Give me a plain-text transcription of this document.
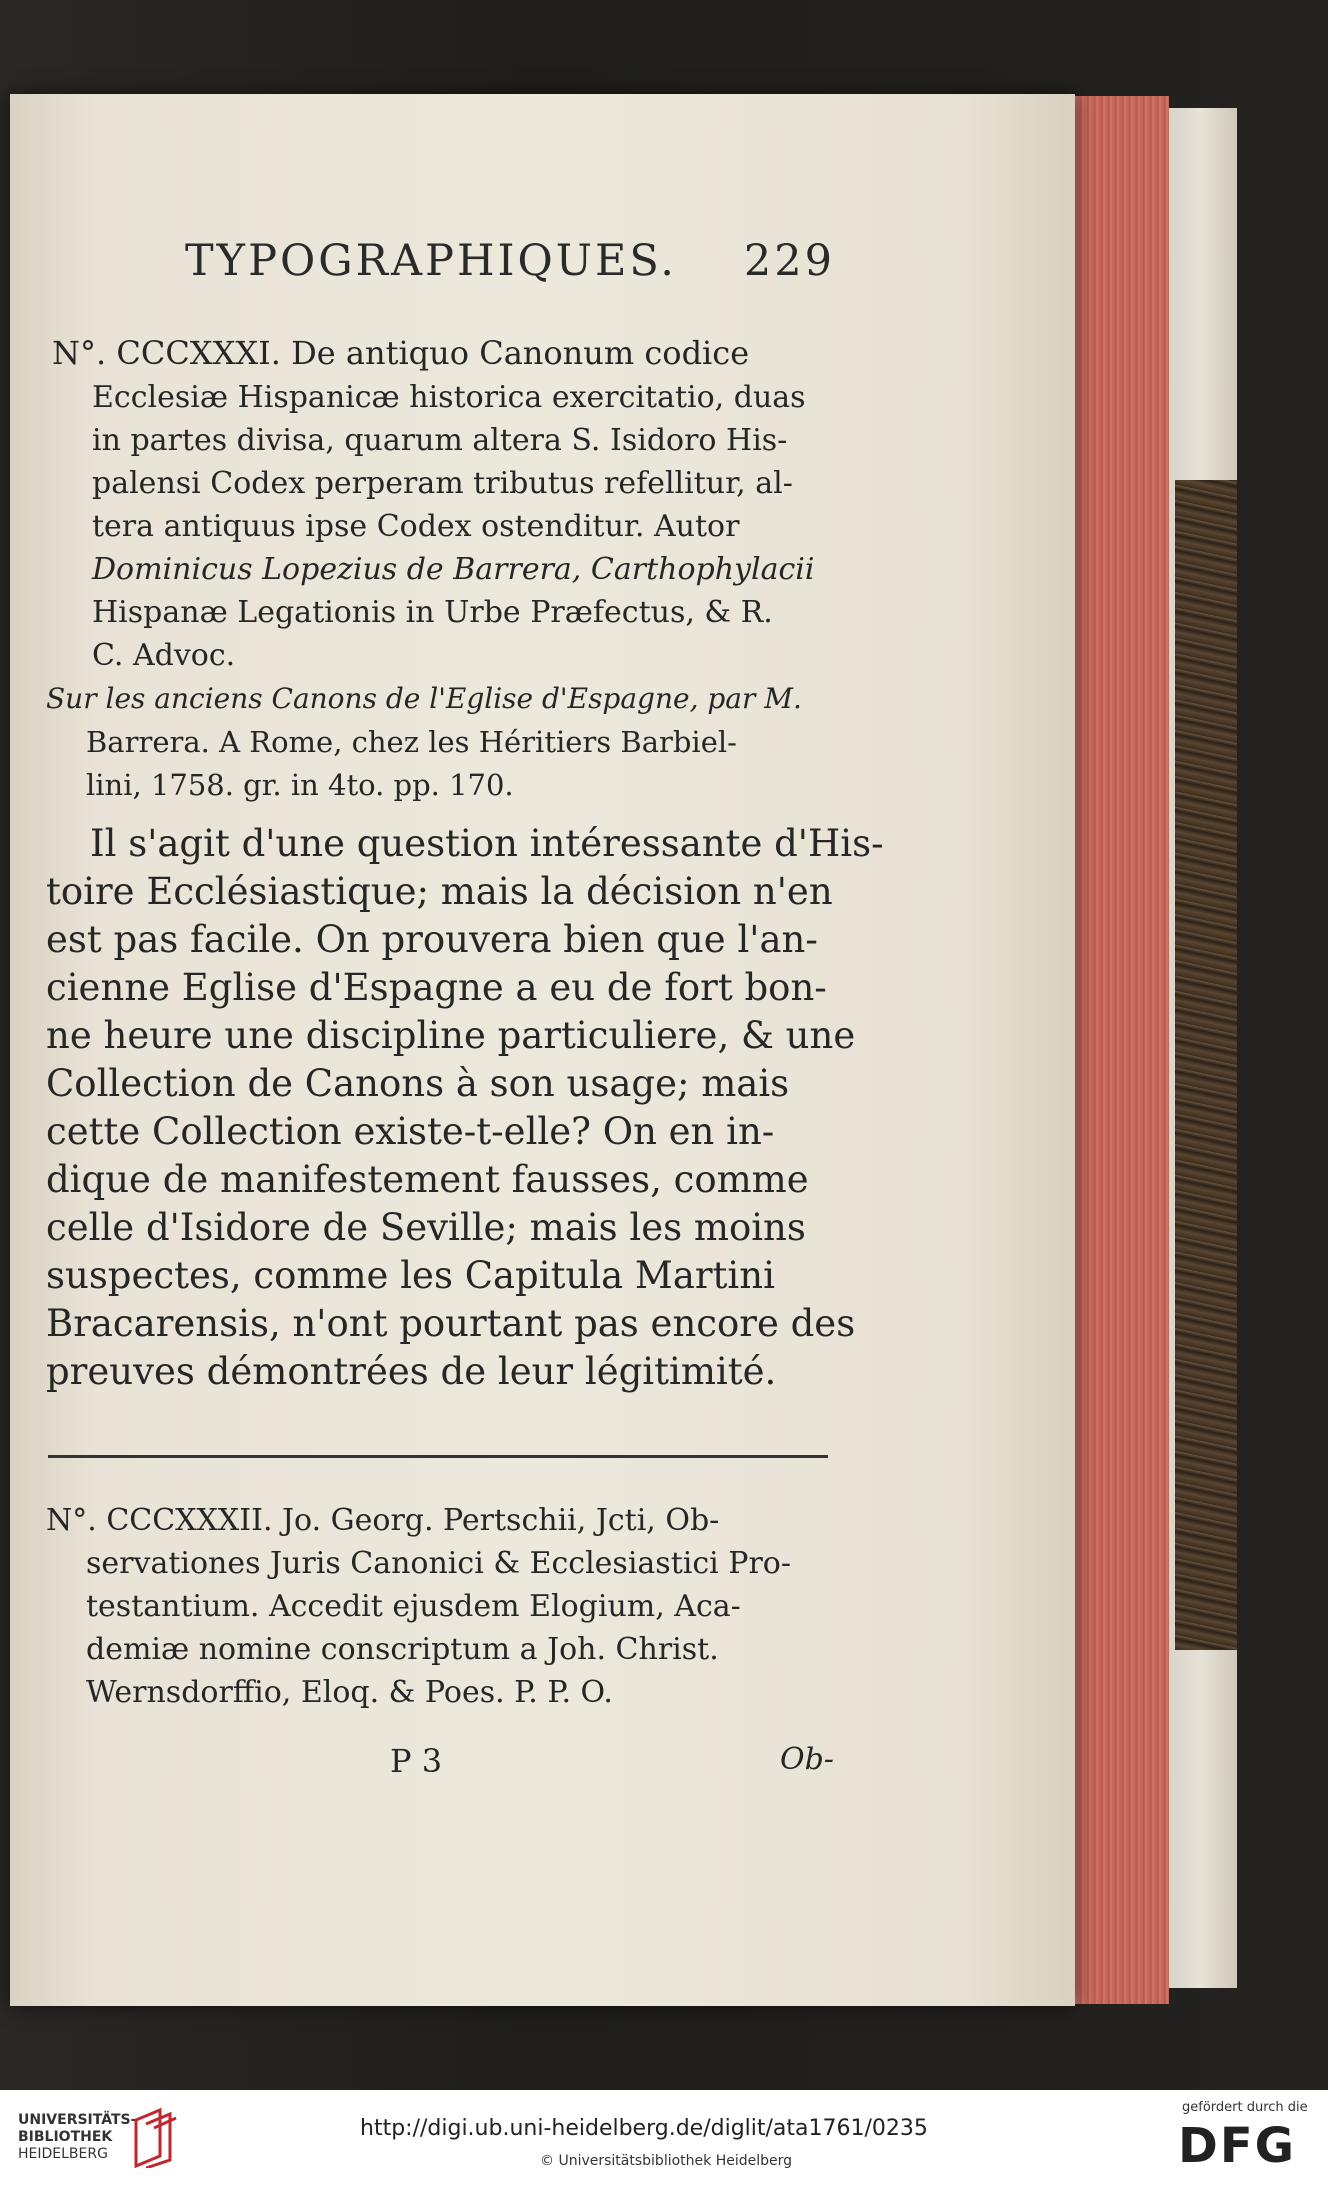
TYPOGRAPHIQUES. 229
N°. CCCXXXI. De antiquo Canonum codice
Ecclesiæ Hispanicæ historica exercitatio, duas
in partes divisa, quarum altera S. Isidoro His-
palensi Codex perperam tributus refellitur, al-
tera antiquus ipse Codex ostenditur. Autor
Dominicus Lopezius de Barrera, Carthophylacii
Hispanæ Legationis in Urbe Præfectus, & R.
C. Advoc.
Sur les anciens Canons de l'Eglise d'Espagne, par M.
Barrera. A Rome, chez les Héritiers Barbiel-
lini, 1758. gr. in 4to. pp. 170.
Il s'agit d'une question intéressante d'His-
toire Ecclésiastique; mais la décision n'en
est pas facile. On prouvera bien que l'an-
cienne Eglise d'Espagne a eu de fort bon-
ne heure une discipline particuliere, & une
Collection de Canons à son usage; mais
cette Collection existe-t-elle? On en in-
dique de manifestement fausses, comme
celle d'Isidore de Seville; mais les moins
suspectes, comme les Capitula Martini
Bracarensis, n'ont pourtant pas encore des
preuves démontrées de leur légitimité.
N°. CCCXXXII. Jo. Georg. Pertschii, Jcti, Ob-
servationes Juris Canonici & Ecclesiastici Pro-
testantium. Accedit ejusdem Elogium, Aca-
demiæ nomine conscriptum a Joh. Christ.
Wernsdorffio, Eloq. & Poes. P. P. O.
P 3	Ob-
UNIVERSITÄTS-
BIBLIOTHEK
HEIDELBERG
http://digi.ub.uni-heidelberg.de/diglit/ata1761/0235
© Universitätsbibliothek Heidelberg
gefördert durch die
DFG
